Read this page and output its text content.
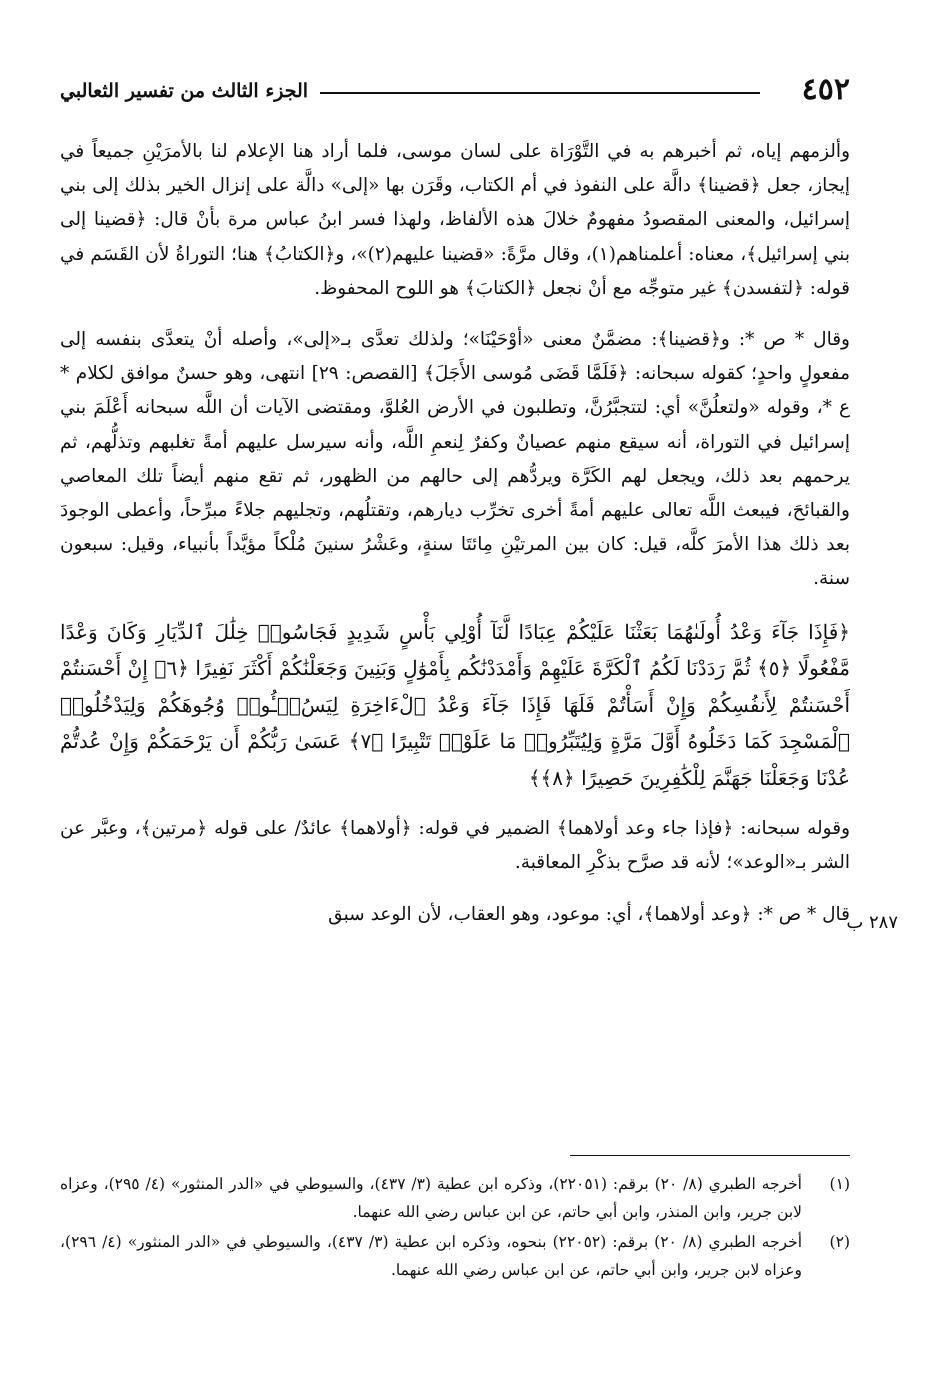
٤٥٢
الجزء الثالث من تفسير الثعالبي

وألزمهم إياه، ثم أخبرهم به في التَّوْرَاة على لسان موسى، فلما أراد هنا الإعلام لنا بالأمرَيْنِ جميعاً في إيجاز، جعل ﴿قضينا﴾ دالَّة على النفوذ في أم الكتاب، وقَرَن بها «إلى» دالَّة على إنزال الخير بذلك إلى بني إسرائيل، والمعنى المقصودُ مفهومٌ خلالَ هذه الألفاظ، ولهذا فسر ابنُ عباس مرة بأنْ قال: ﴿قضينا إلى بني إسرائيل﴾، معناه: أعلمناهم(١)، وقال مرَّةً: «قضينا عليهم(٢)»، و﴿الكتابُ﴾ هنا؛ التوراةُ لأن القَسَم في قوله: ﴿لتفسدن﴾ غير متوجِّه مع أنْ نجعل ﴿الكتابَ﴾ هو اللوح المحفوظ.

وقال * ص *: و﴿قضينا﴾: مضمَّنٌ معنى «أوْحَيْنَا»؛ ولذلك تعدَّى بـ«إلى»، وأصله أنْ يتعدَّى بنفسه إلى مفعولٍ واحدٍ؛ كقوله سبحانه: ﴿فَلَمَّا قَضَى مُوسى الأَجَلَ﴾ [القصص: ٢٩] انتهى، وهو حسنٌ موافق لكلام * ع *، وقوله «ولتعلُنَّ» أي: لتتجبَّرُنَّ، وتطلبون في الأرض العُلوَّ، ومقتضى الآيات أن اللَّه سبحانه أَعْلَمَ بني إسرائيل في التوراة، أنه سيقع منهم عصيانٌ وكفرٌ لِنعمِ اللَّه، وأنه سيرسل عليهم أمةً تغلبهم وتذلُّهم، ثم يرحمهم بعد ذلك، ويجعل لهم الكَرَّة ويردُّهم إلى حالهم من الظهور، ثم تقع منهم أيضاً تلك المعاصي والقبائحَ، فيبعث اللَّه تعالى عليهم أمةً أخرى تخرِّب ديارهم، وتقتلُهم، وتجليهم جلاءً مبرِّحاً، وأعطى الوجودَ بعد ذلك هذا الأمرَ كلَّه، قيل: كان بين المرتيْنِ مِائتَا سنةٍ، وعَشْرُ سنينَ مُلْكاً مؤيَّداً بأنبياء، وقيل: سبعون سنة.

﴿فَإِذَا جَآءَ وَعْدُ أُولَىٰهُمَا بَعَثْنَا عَلَيْكُمْ عِبَادًا لَّنَآ أُوْلِي بَأْسٍ شَدِيدٍ فَجَاسُوا۟ خِلَٰلَ ٱلدِّيَارِ وَكَانَ وَعْدًا مَّفْعُولًا ﴿٥﴾ ثُمَّ رَدَدْنَا لَكُمُ ٱلْكَرَّةَ عَلَيْهِمْ وَأَمْدَدْنَٰكُم بِأَمْوَٰلٍ وَبَنِينَ وَجَعَلْنَٰكُمْ أَكْثَرَ نَفِيرًا ﴿٦﴾ إِنْ أَحْسَنتُمْ أَحْسَنتُمْ لِأَنفُسِكُمْ وَإِنْ أَسَأْتُمْ فَلَهَا فَإِذَا جَآءَ وَعْدُ ٱلْءَاخِرَةِ لِيَسُۥٓـُٔوا۟ وُجُوهَكُمْ وَلِيَدْخُلُوا۟ ٱلْمَسْجِدَ كَمَا دَخَلُوهُ أَوَّلَ مَرَّةٍ وَلِيُتَبِّرُوا۟ مَا عَلَوْا۟ تَتْبِيرًا ﴿٧﴾ عَسَىٰ رَبُّكُمْ أَن يَرْحَمَكُمْ وَإِنْ عُدتُّمْ عُدْنَا وَجَعَلْنَا جَهَنَّمَ لِلْكَٰفِرِينَ حَصِيرًا ﴿٨﴾﴾

وقوله سبحانه: ﴿فإذا جاء وعد أولاهما﴾ الضمير في قوله: ﴿أولاهما﴾ عائدٌ/ على قوله ﴿مرتين﴾، وعبَّر عن الشر بـ«الوعد»؛ لأنه قد صرَّح بذكْرِ المعاقبة.

قال * ص *: ﴿وعد أولاهما﴾، أي: موعود، وهو العقاب، لأن الوعد سبق

٢٨٧ ب
(١)
أخرجه الطبري (٨/ ٢٠) برقم: (٢٢٠٥١)، وذكره ابن عطية (٣/ ٤٣٧)، والسيوطي في «الدر المنثور» (٤/ ٢٩٥)، وعزاه لابن جرير، وابن المنذر، وابن أبي حاتم، عن ابن عباس رضي الله عنهما.
(٢)
أخرجه الطبري (٨/ ٢٠) برقم: (٢٢٠٥٢) بنحوه، وذكره ابن عطية (٣/ ٤٣٧)، والسيوطي في «الدر المنثور» (٤/ ٢٩٦)، وعزاه لابن جرير، وابن أبي حاتم، عن ابن عباس رضي الله عنهما.
